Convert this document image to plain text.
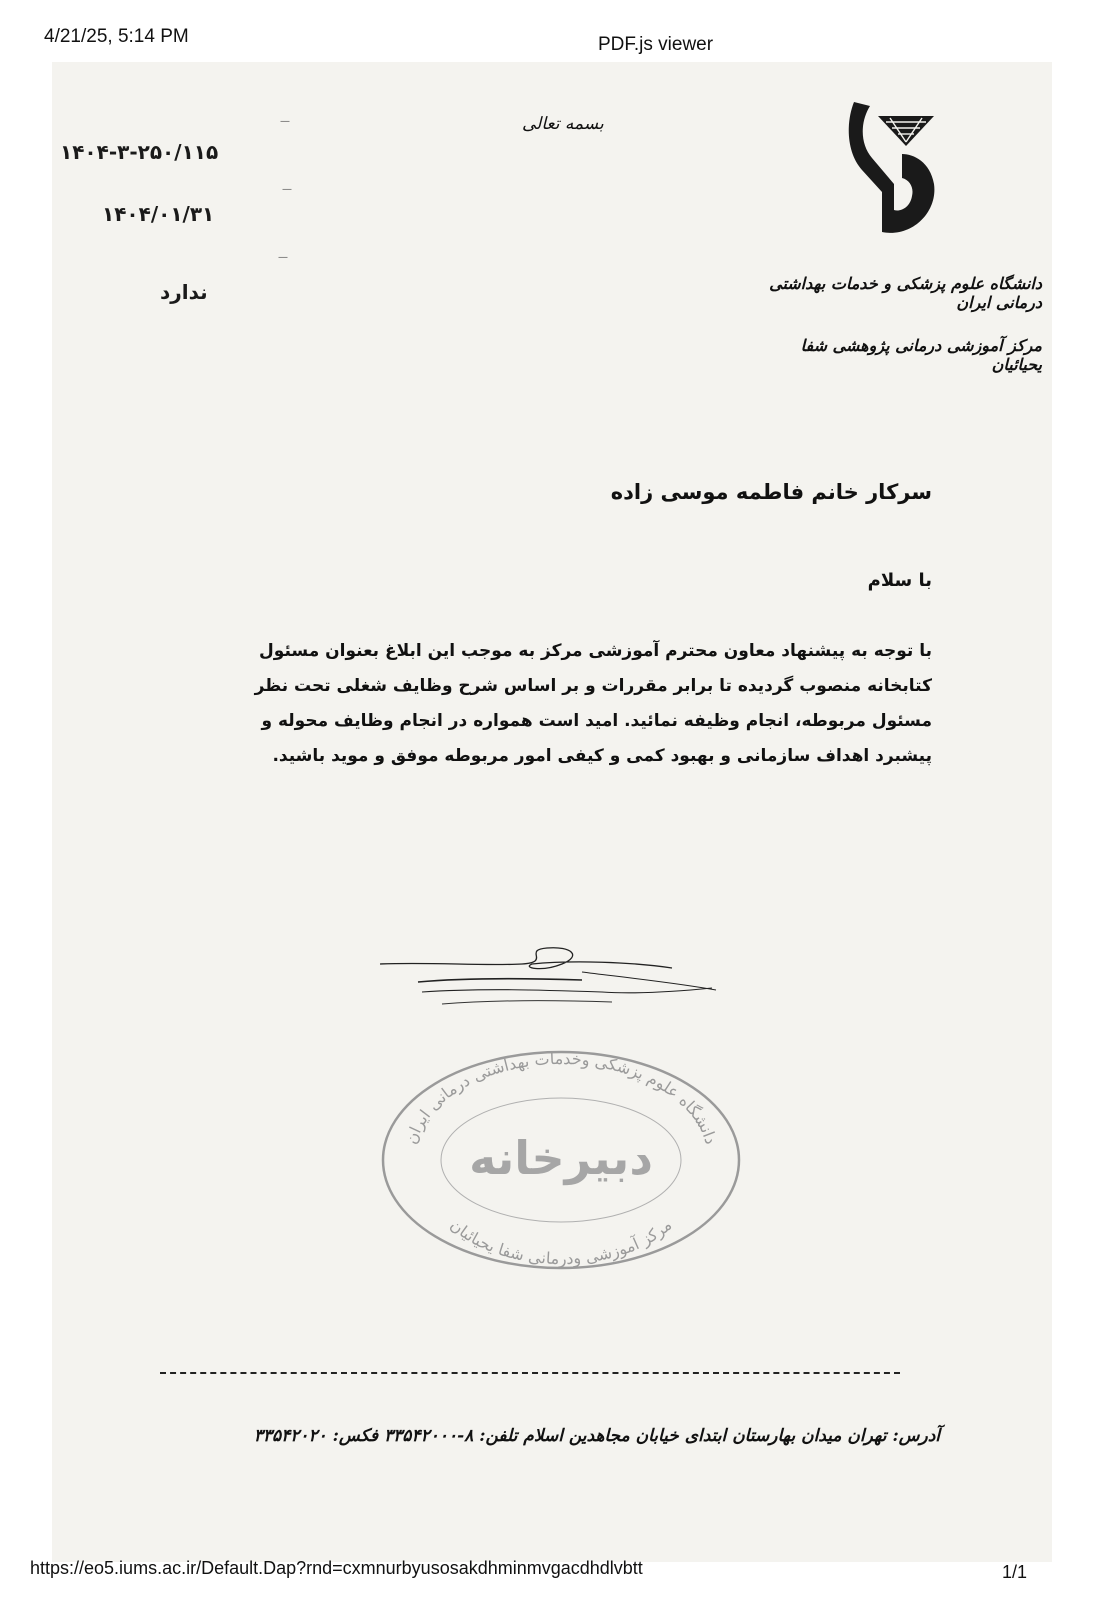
4/21/25, 5:14 PM	PDF.js viewer
بسمه تعالی
۱۴۰۴-۳-۲۵۰/۱۱۵
—
۱۴۰۴/۰۱/۳۱
—
ندارد
—
دانشگاه علوم پزشکی و خدمات بهداشتی درمانی ایران
مرکز آموزشی درمانی پژوهشی شفا یحیائیان
سرکار خانم فاطمه موسی زاده
با سلام
با توجه به پیشنهاد معاون محترم آموزشی مرکز به موجب این ابلاغ بعنوان مسئول
کتابخانه منصوب گردیده تا برابر مقررات و بر اساس شرح وظایف شغلی تحت نظر
مسئول مربوطه، انجام وظیفه نمائید. امید است همواره در انجام وظایف محوله و
پیشبرد اهداف سازمانی و بهبود کمی و کیفی امور مربوطه موفق و موید باشید.
دانشگاه علوم پزشکی وخدمات بهداشتی درمانی ایران
مرکز آموزشی ودرمانی شفا یحیائیان
دبیرخانه
آدرس: تهران میدان بهارستان ابتدای خیابان مجاهدین اسلام تلفن: ۸-۳۳۵۴۲۰۰۰ فکس: ۳۳۵۴۲۰۲۰
https://eo5.iums.ac.ir/Default.Dap?rnd=cxmnurbyusosakdhminmvgacdhdlvbtt	1/1
